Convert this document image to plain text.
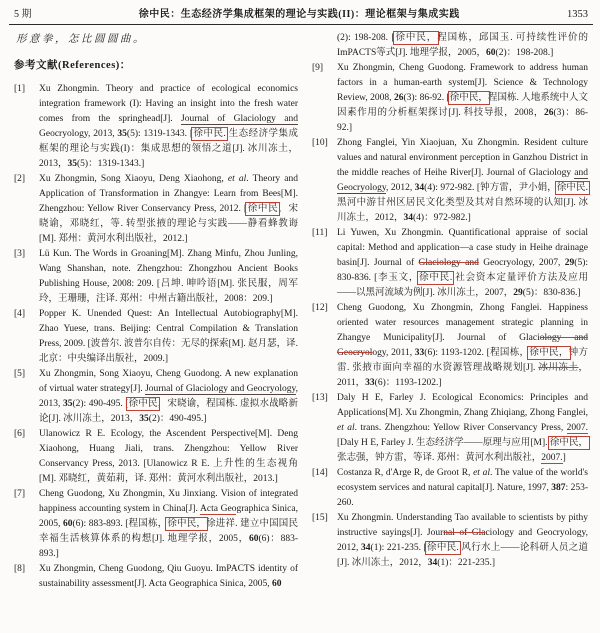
5 期	徐中民：生态经济学集成框架的理论与实践(II)：理论框架与集成实践	1353
形意拳，怎比圆圆曲。
参考文献(References)：
[1] Xu Zhongmin. Theory and practice of ecological economics integration framework (I): Having an insight into the fresh water comes from the springhead[J]. Journal of Glaciology and Geocryology, 2013, 35(5): 1319-1343. [徐中民. 生态经济学集成框架的理论与实践(I)：集成思想的领悟之道[J]. 冰川冻土，2013，35(5)：1319-1343.]
[2] Xu Zhongmin, Song Xiaoyu, Deng Xiaohong, et al. Theory and Application of Transformation in Zhangye: Learn from Bees[M]. Zhengzhou: Yellow River Conservancy Press, 2012. [徐中民，宋晓谕，邓晓红，等. 转型张掖的理论与实践——静看蜂教诲[M]. 郑州：黄河水利出版社，2012.]
[3] Lü Kun. The Words in Groaning[M]. Zhang Minfu, Zhou Junling, Wang Shanshan, note. Zhengzhou: Zhongzhou Ancient Books Publishing House, 2008: 209. [吕坤. 呻吟语[M]. 张民服，周军玲，王珊珊，注译. 郑州：中州古籍出版社，2008：209.]
[4] Popper K. Unended Quest: An Intellectual Autobiography[M]. Zhao Yuese, trans. Beijing: Central Compilation & Translation Press, 2009. [波普尔. 波普尔自传：无尽的探索[M]. 赵月瑟，译. 北京：中央编译出版社，2009.]
[5] Xu Zhongmin, Song Xiaoyu, Cheng Guodong. A new explanation of virtual water strategy[J]. Journal of Glaciology and Geocryology, 2013, 35(2): 490-495. [徐中民，宋晓谕，程国栋. 虚拟水战略新论[J]. 冰川冻土，2013，35(2)：490-495.]
[6] Ulanowicz R E. Ecology, the Ascendent Perspective[M]. Deng Xiaohong, Huang Jiali, trans. Zhengzhou: Yellow River Conservancy Press, 2013. [Ulanowicz R E. 上升性的生态视角[M]. 邓晓红，黄茹莉，译. 郑州：黄河水利出版社，2013.]
[7] Cheng Guodong, Xu Zhongmin, Xu Jinxiang. Vision of integrated happiness accounting system in China[J]. Acta Geographica Sinica, 2005, 60(6): 883-893. [程国栋，徐中民，徐进祥. 建立中国国民幸福生活核算体系的构想[J]. 地理学报，2005，60(6)：883-893.]
[8] Xu Zhongmin, Cheng Guodong, Qiu Guoyu. ImPACTS identity of sustainability assessment[J]. Acta Geographica Sinica, 2005, 60
(2): 198-208. [徐中民，程国栋，邱国玉. 可持续性评价的ImPACTS等式[J]. 地理学报，2005，60(2)：198-208.]
[9] Xu Zhongmin, Cheng Guodong. Framework to address human factors in a human-earth system[J]. Science & Technology Review, 2008, 26(3): 86-92. [徐中民，程国栋. 人地系统中人文因素作用的分析框架探讨[J]. 科技导报，2008，26(3)：86-92.]
[10] Zhong Fanglei, Yin Xiaojuan, Xu Zhongmin. Resident culture values and natural environment perception in Ganzhou District in the middle reaches of Heihe River[J]. Journal of Glaciology and Geocryology, 2012, 34(4): 972-982. [钟方雷，尹小娟，徐中民. 黑河中游甘州区居民文化类型及其对自然环境的认知[J]. 冰川冻土，2012，34(4)：972-982.]
[11] Li Yuwen, Xu Zhongmin. Quantificational appraise of social capital: Method and application—a case study in Heihe drainage basin[J]. Journal of Glaciology and Geocryology, 2007, 29(5): 830-836. [李玉文，徐中民. 社会资本定量评价方法及应用——以黑河流域为例[J]. 冰川冻土，2007，29(5)：830-836.]
[12] Cheng Guodong, Xu Zhongmin, Zhong Fanglei. Happiness oriented water resources management strategic planning in Zhangye Municipality[J]. Journal of Glaciology and Geocryology, 2011, 33(6): 1193-1202. [程国栋，徐中民，钟方雷. 张掖市面向幸福的水资源管理战略规划[J]. 冰川冻土，2011，33(6)：1193-1202.]
[13] Daly H E, Farley J. Ecological Economics: Principles and Applications[M]. Xu Zhongmin, Zhang Zhiqiang, Zhong Fanglei, et al. trans. Zhengzhou: Yellow River Conservancy Press, 2007. [Daly H E, Farley J. 生态经济学——原理与应用[M]. 徐中民，张志强，钟方雷，等译. 郑州：黄河水利出版社，2007.]
[14] Costanza R, d'Arge R, de Groot R, et al. The value of the world's ecosystem services and natural capital[J]. Nature, 1997, 387: 253-260.
[15] Xu Zhongmin. Understanding Tao available to scientists by pithy instructive sayings[J]. Journal of Glaciology and Geocryology, 2012, 34(1): 221-235. [徐中民. 风行水上——论科研人员之道[J]. 冰川冻土，2012，34(1)：221-235.]
